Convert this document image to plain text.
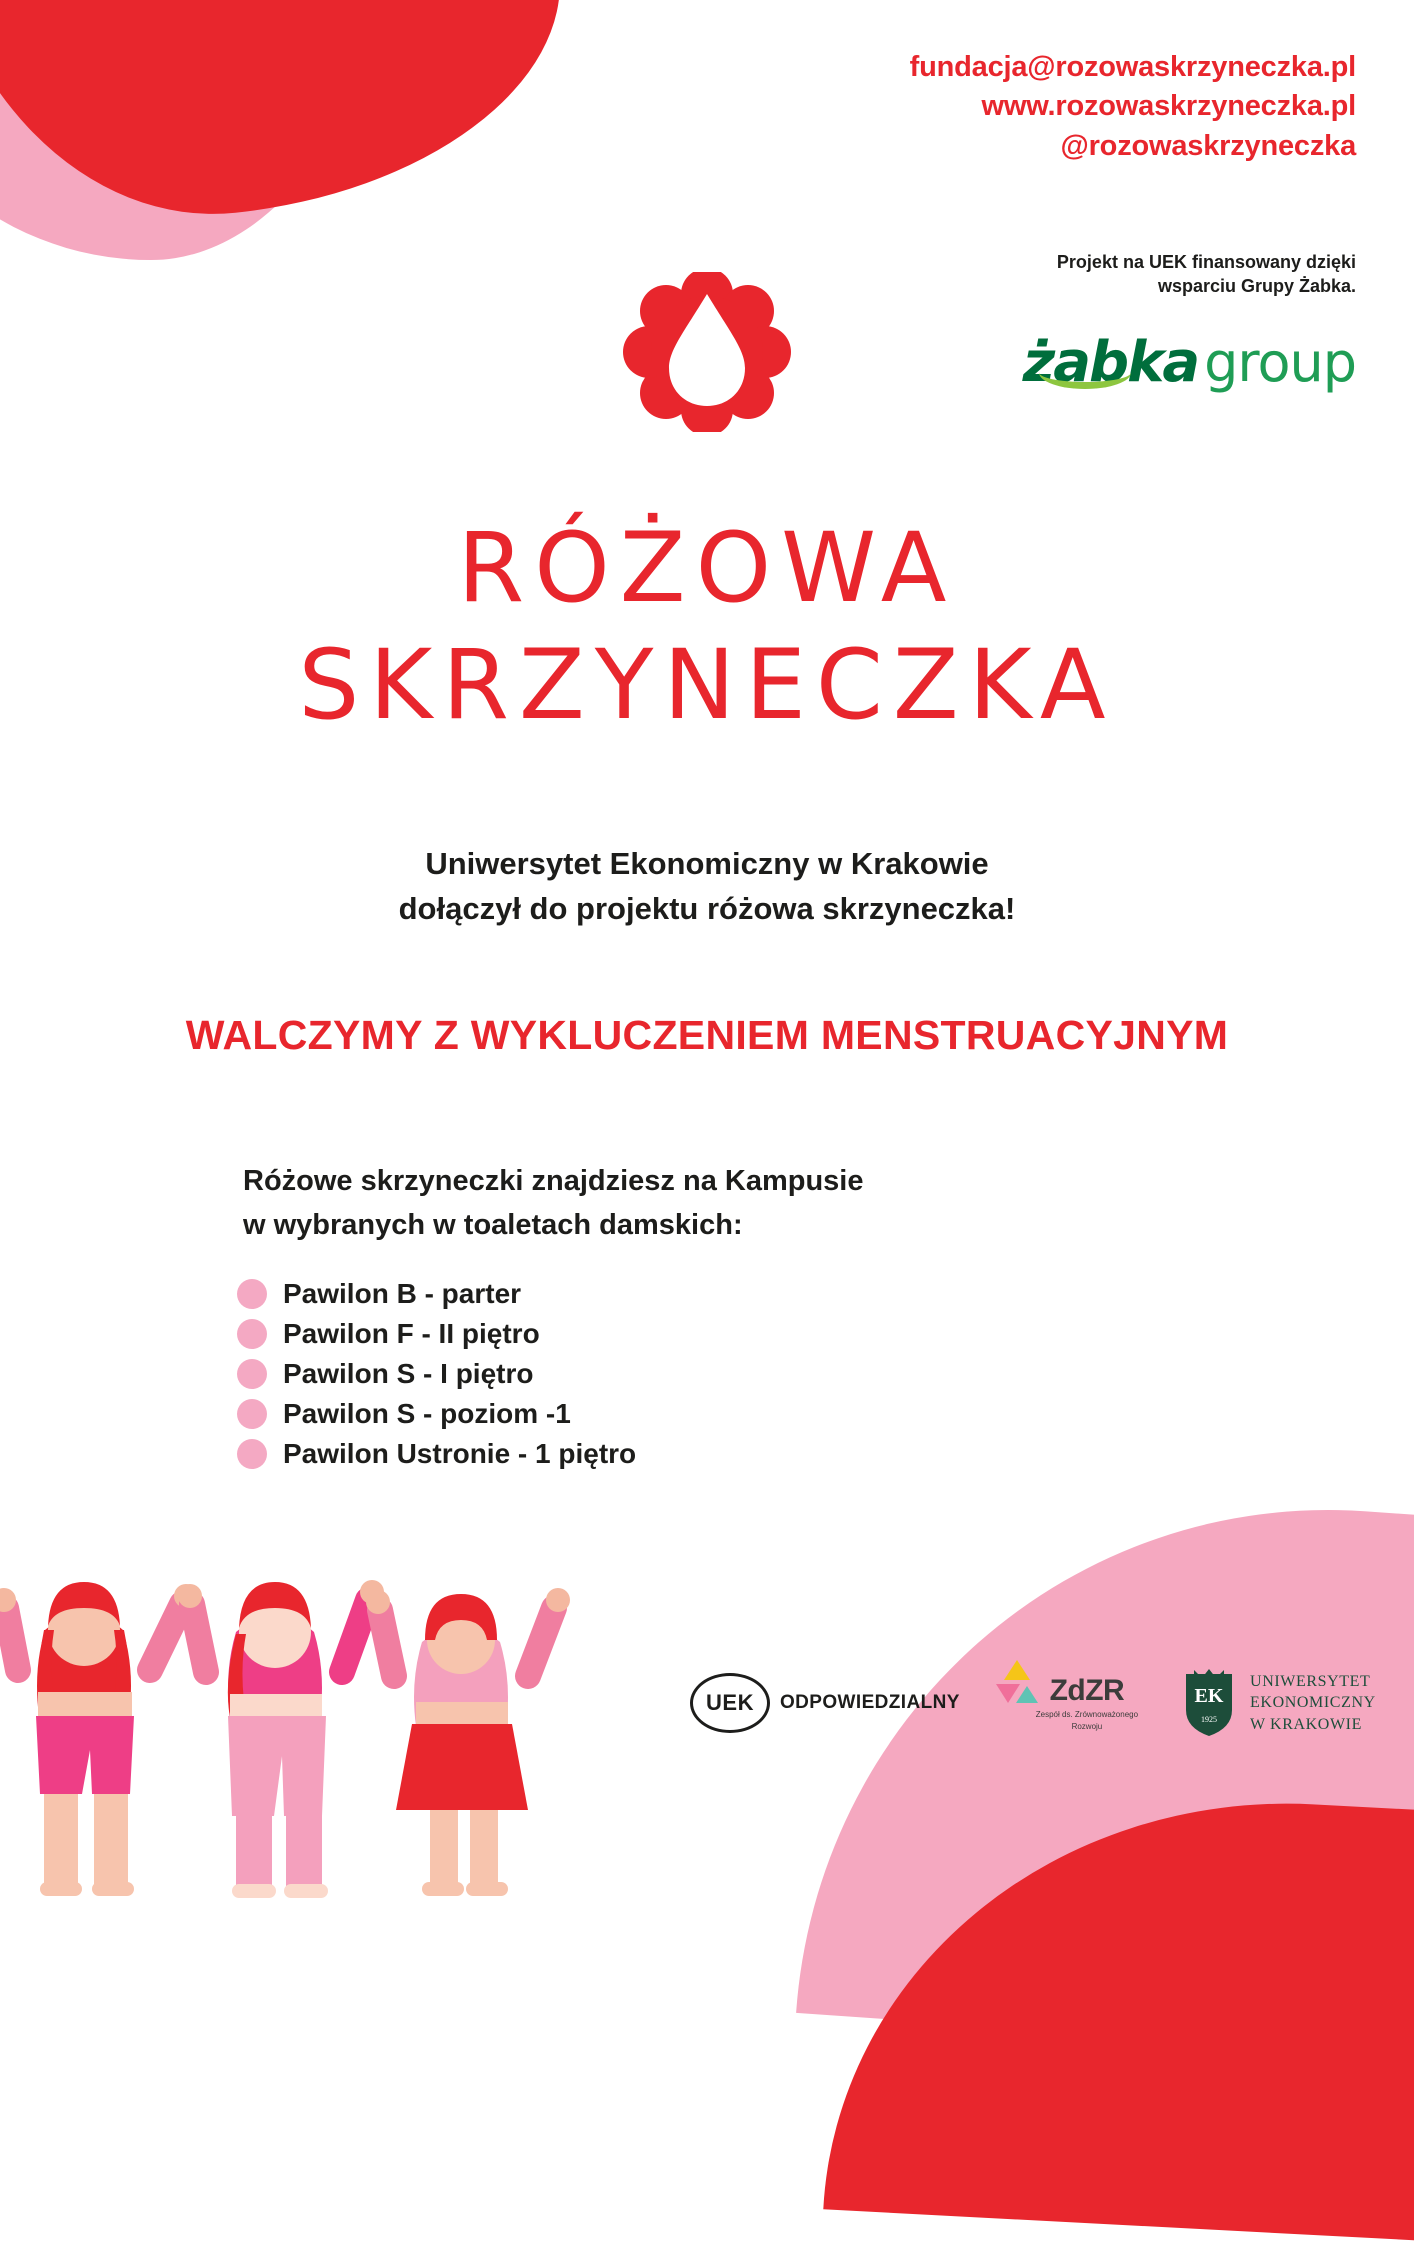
fundacja@rozowaskrzyneczka.pl
www.rozowaskrzyneczka.pl
@rozowaskrzyneczka
Projekt na UEK finansowany dzięki
wsparciu Grupy Żabka.
żabka group
RÓŻOWA
SKRZYNECZKA
Uniwersytet Ekonomiczny w Krakowie
dołączył do projektu różowa skrzyneczka!
WALCZYMY Z WYKLUCZENIEM MENSTRUACYJNYM
Różowe skrzyneczki znajdziesz na Kampusie
w wybranych w toaletach damskich:
Pawilon B - parter
Pawilon F - II piętro
Pawilon S - I piętro
Pawilon S - poziom -1
Pawilon Ustronie - 1 piętro
UEK	ODPOWIEDZIALNY	ZdZR
Zespół ds. Zrównoważonego
Rozwoju
EK
1925
UNIWERSYTET
EKONOMICZNY
W KRAKOWIE
